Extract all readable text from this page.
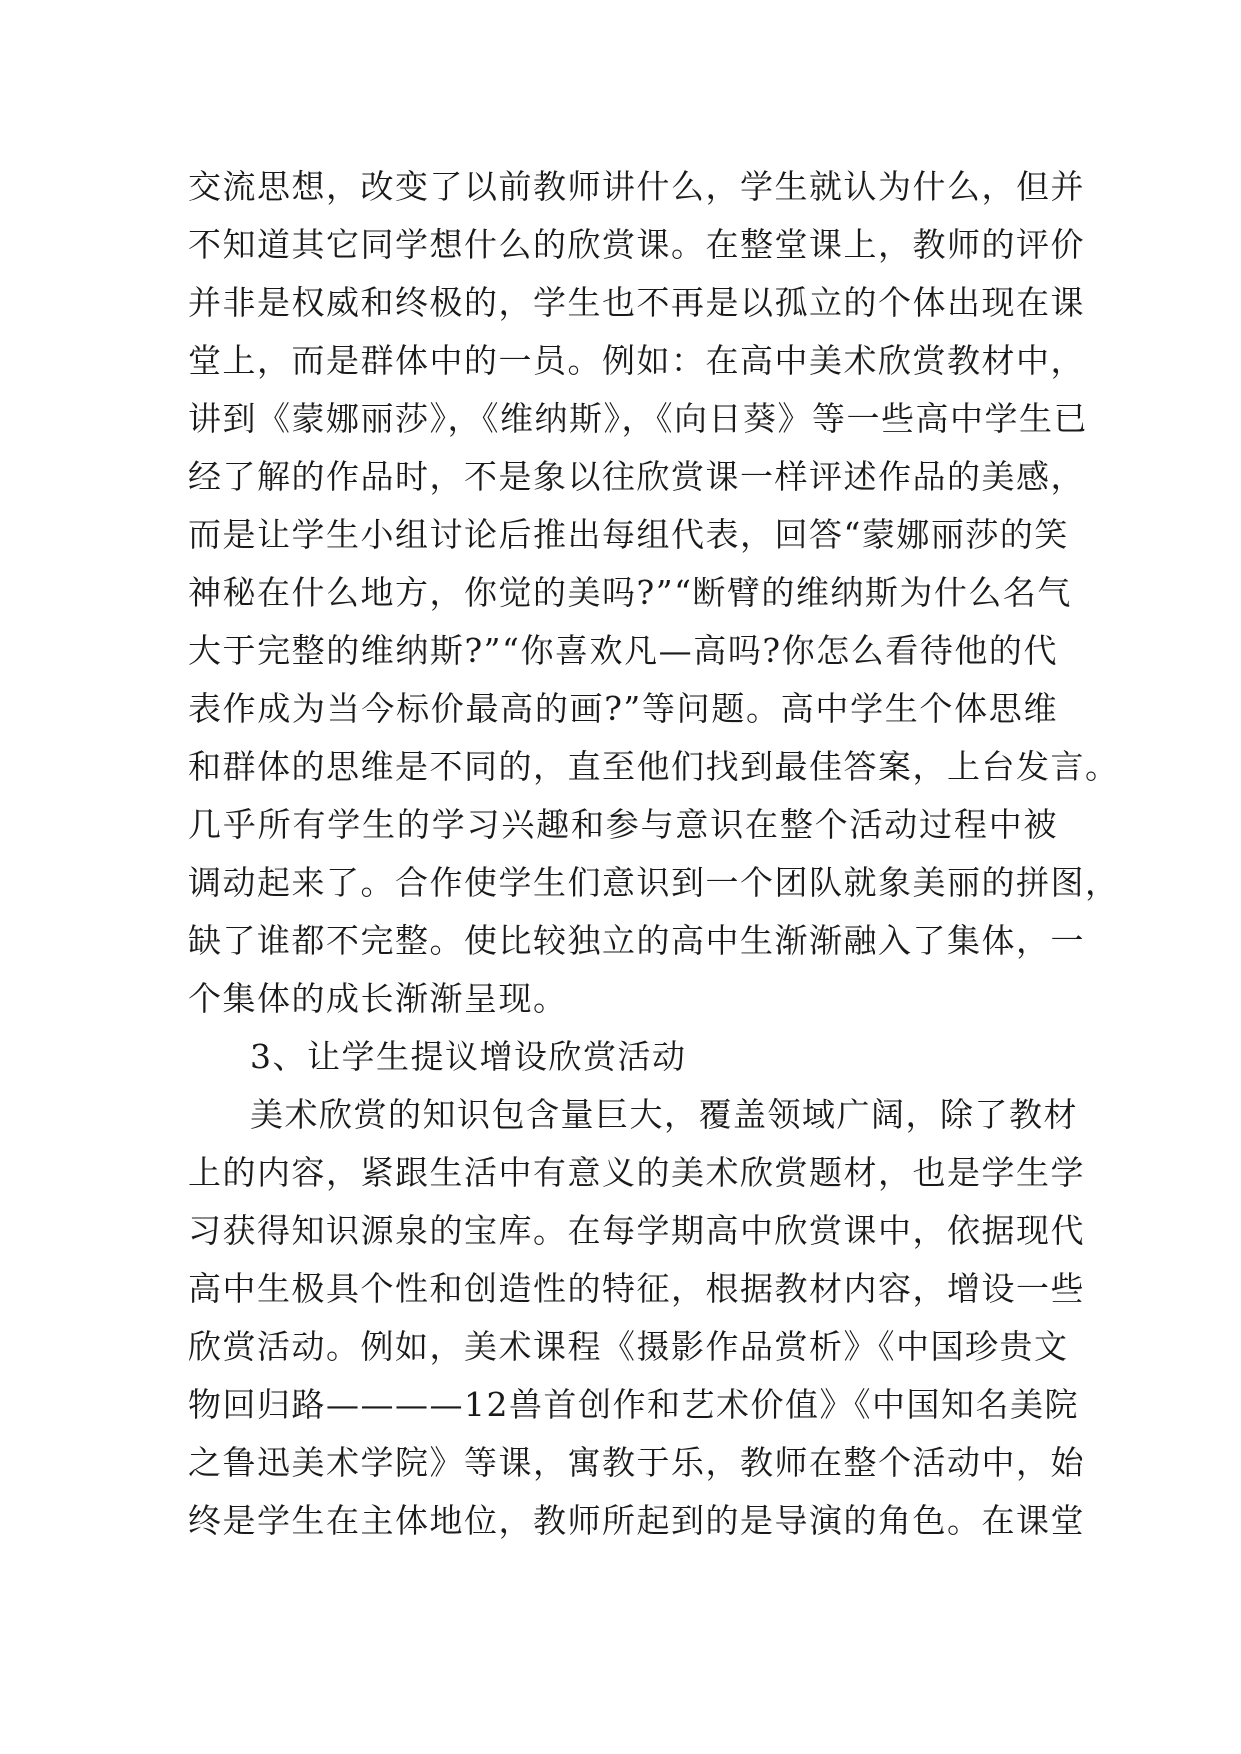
交流思想，改变了以前教师讲什么，学生就认为什么，但并
不知道其它同学想什么的欣赏课。在整堂课上，教师的评价
并非是权威和终极的，学生也不再是以孤立的个体出现在课
堂上，而是群体中的一员。例如：在高中美术欣赏教材中，
讲到《蒙娜丽莎》，《维纳斯》，《向日葵》等一些高中学生已
经了解的作品时，不是象以往欣赏课一样评述作品的美感，
而是让学生小组讨论后推出每组代表，回答“蒙娜丽莎的笑
神秘在什么地方，你觉的美吗?”“断臂的维纳斯为什么名气
大于完整的维纳斯?”“你喜欢凡—高吗?你怎么看待他的代
表作成为当今标价最高的画?”等问题。高中学生个体思维
和群体的思维是不同的，直至他们找到最佳答案，上台发言。
几乎所有学生的学习兴趣和参与意识在整个活动过程中被
调动起来了。合作使学生们意识到一个团队就象美丽的拼图，
缺了谁都不完整。使比较独立的高中生渐渐融入了集体，一
个集体的成长渐渐呈现。
3、让学生提议增设欣赏活动
美术欣赏的知识包含量巨大，覆盖领域广阔，除了教材
上的内容，紧跟生活中有意义的美术欣赏题材，也是学生学
习获得知识源泉的宝库。在每学期高中欣赏课中，依据现代
高中生极具个性和创造性的特征，根据教材内容，增设一些
欣赏活动。例如，美术课程《摄影作品赏析》《中国珍贵文
物回归路————12兽首创作和艺术价值》《中国知名美院
之鲁迅美术学院》等课，寓教于乐，教师在整个活动中，始
终是学生在主体地位，教师所起到的是导演的角色。在课堂
